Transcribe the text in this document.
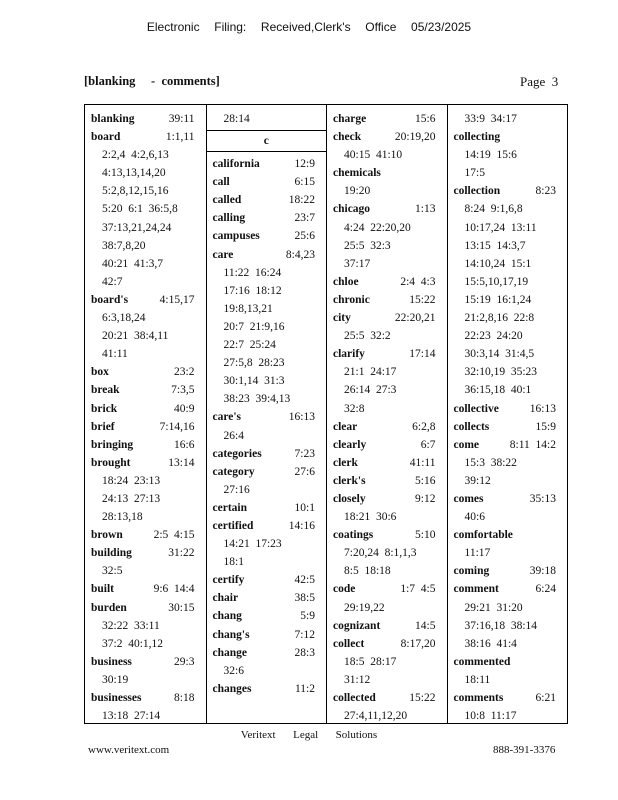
Electronic  Filing:  Received,Clerk's  Office  05/23/2025
[blanking     -  comments]	Page  3
blanking	39:11
board	1:1,11
2:2,4  4:2,6,13
4:13,13,14,20
5:2,8,12,15,16
5:20  6:1  36:5,8
37:13,21,24,24
38:7,8,20
40:21  41:3,7
42:7
board's	4:15,17
6:3,18,24
20:21  38:4,11
41:11
box	23:2
break	7:3,5
brick	40:9
brief	7:14,16
bringing	16:6
brought	13:14
18:24  23:13
24:13  27:13
28:13,18
brown	2:5  4:15
building	31:22
32:5
built	9:6  14:4
burden	30:15
32:22  33:11
37:2  40:1,12
business	29:3
30:19
businesses	8:18
13:18  27:14
28:14
c
california	12:9
call	6:15
called	18:22
calling	23:7
campuses	25:6
care	8:4,23
11:22  16:24
17:16  18:12
19:8,13,21
20:7  21:9,16
22:7  25:24
27:5,8  28:23
30:1,14  31:3
38:23  39:4,13
care's	16:13
26:4
categories	7:23
category	27:6
27:16
certain	10:1
certified	14:16
14:21  17:23
18:1
certify	42:5
chair	38:5
chang	5:9
chang's	7:12
change	28:3
32:6
changes	11:2
charge	15:6
check	20:19,20
40:15  41:10
chemicals
19:20
chicago	1:13
4:24  22:20,20
25:5  32:3
37:17
chloe	2:4  4:3
chronic	15:22
city	22:20,21
25:5  32:2
clarify	17:14
21:1  24:17
26:14  27:3
32:8
clear	6:2,8
clearly	6:7
clerk	41:11
clerk's	5:16
closely	9:12
18:21  30:6
coatings	5:10
7:20,24  8:1,1,3
8:5  18:18
code	1:7  4:5
29:19,22
cognizant	14:5
collect	8:17,20
18:5  28:17
31:12
collected	15:22
27:4,11,12,20
33:9  34:17
collecting
14:19  15:6
17:5
collection	8:23
8:24  9:1,6,8
10:17,24  13:11
13:15  14:3,7
14:10,24  15:1
15:5,10,17,19
15:19  16:1,24
21:2,8,16  22:8
22:23  24:20
30:3,14  31:4,5
32:10,19  35:23
36:15,18  40:1
collective	16:13
collects	15:9
come	8:11  14:2
15:3  38:22
39:12
comes	35:13
40:6
comfortable
11:17
coming	39:18
comment	6:24
29:21  31:20
37:16,18  38:14
38:16  41:4
commented
18:11
comments	6:21
10:8  11:17
Veritext  Legal  Solutions
www.veritext.com	888-391-3376
